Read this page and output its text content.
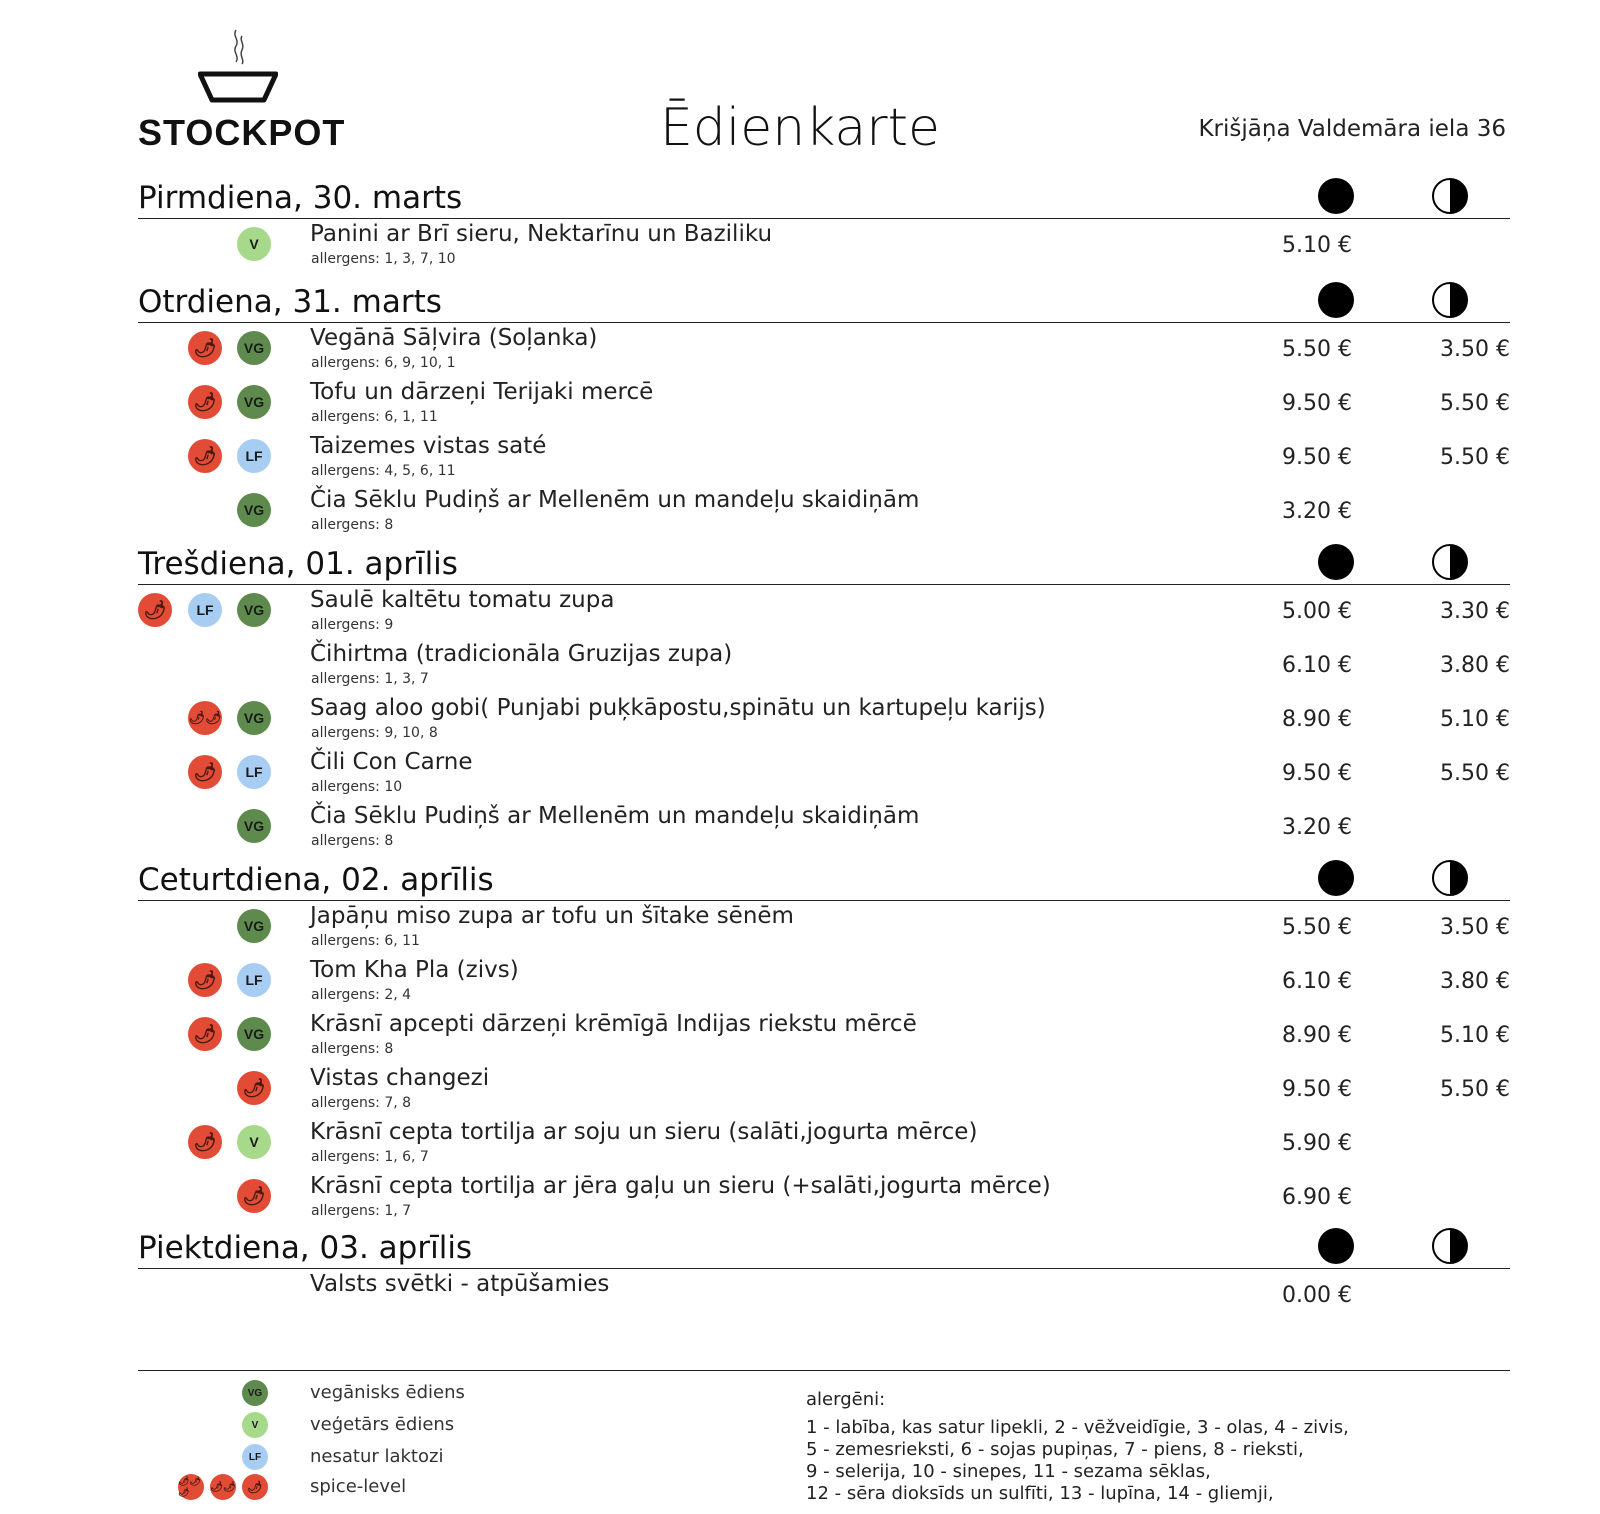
STOCKPOT	Ēdienkarte	Krišjāņa Valdemāra iela 36
Pirmdiena, 30. marts
V	Panini ar Brī sieru, Nektarīnu un Baziliku
allergens: 1, 3, 7, 10
5.10 €
Otrdiena, 31. marts
🌶	VG Vegānā Sāļvira (Soļanka)
allergens: 6, 9, 10, 1
5.50 €	3.50 €
🌶	VG Tofu un dārzeņi Terijaki mercē
allergens: 6, 1, 11
9.50 €	5.50 €
🌶	LF	Taizemes vistas saté
allergens: 4, 5, 6, 11
9.50 €	5.50 €
VG Čia Sēklu Pudiņš ar Mellenēm un mandeļu skaidiņām
allergens: 8
3.20 €
Trešdiena, 01. aprīlis
🌶	LF	VG Saulē kaltētu tomatu zupa
allergens: 9
5.00 €	3.30 €
Čihirtma (tradicionāla Gruzijas zupa)
allergens: 1, 3, 7
6.10 €	3.80 €
🌶🌶	VG Saag aloo gobi( Punjabi puķkāpostu,spinātu un kartupeļu karijs)
allergens: 9, 10, 8
8.90 €	5.10 €
🌶	LF	Čili Con Carne
allergens: 10
9.50 €	5.50 €
VG Čia Sēklu Pudiņš ar Mellenēm un mandeļu skaidiņām
allergens: 8
3.20 €
Ceturtdiena, 02. aprīlis
VG Japāņu miso zupa ar tofu un šītake sēnēm
allergens: 6, 11
5.50 €	3.50 €
🌶	LF	Tom Kha Pla (zivs)
allergens: 2, 4
6.10 €	3.80 €
🌶	VG Krāsnī apcepti dārzeņi krēmīgā Indijas riekstu mērcē
allergens: 8
8.90 €	5.10 €
🌶 Vistas changezi
allergens: 7, 8
9.50 €	5.50 €
🌶	V	Krāsnī cepta tortilja ar soju un sieru (salāti,jogurta mērce)
allergens: 1, 6, 7
5.90 €
🌶 Krāsnī cepta tortilja ar jēra gaļu un sieru (+salāti,jogurta mērce)
allergens: 1, 7
6.90 €
Piektdiena, 03. aprīlis
Valsts svētki - atpūšamies	0.00 €
VG	vegānisks ēdiens
V	veģetārs ēdiens
LF	nesatur laktozi
🌶🌶🌶	🌶🌶 🌶	spice-level
alergēni:
1 - labība, kas satur lipekli, 2 - vēžveidīgie, 3 - olas, 4 - zivis,
5 - zemesrieksti, 6 - sojas pupiņas, 7 - piens, 8 - rieksti,
9 - selerija, 10 - sinepes, 11 - sezama sēklas,
12 - sēra dioksīds un sulfīti, 13 - lupīna, 14 - gliemji,
